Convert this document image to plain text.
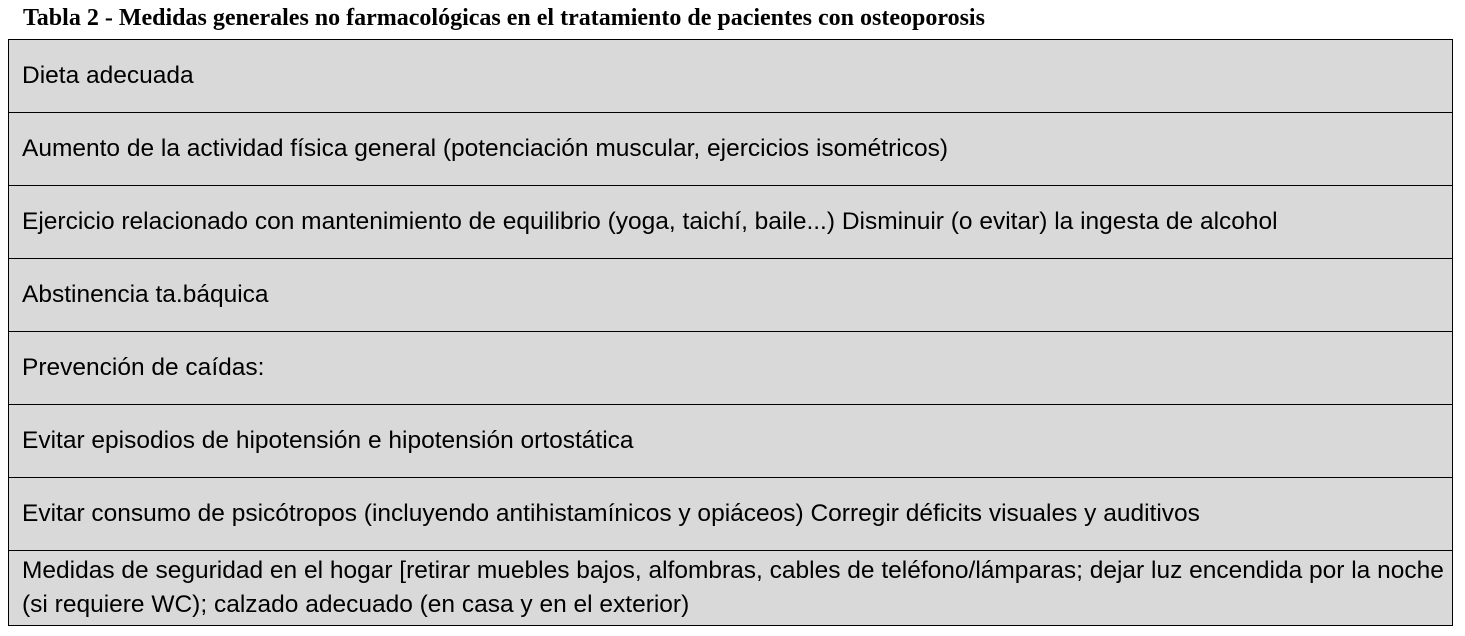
Tabla 2 - Medidas generales no farmacológicas en el tratamiento de pacientes con osteoporosis
Dieta adecuada
Aumento de la actividad física general (potenciación muscular, ejercicios isométricos)
Ejercicio relacionado con mantenimiento de equilibrio (yoga, taichí, baile...) Disminuir (o evitar) la ingesta de alcohol
Abstinencia ta.báquica
Prevención de caídas:
Evitar episodios de hipotensión e hipotensión ortostática
Evitar consumo de psicótropos (incluyendo antihistamínicos y opiáceos) Corregir déficits visuales y auditivos
Medidas de seguridad en el hogar [retirar muebles bajos, alfombras, cables de teléfono/lámparas; dejar luz encendida por la noche (si requiere WC); calzado adecuado (en casa y en el exterior)
